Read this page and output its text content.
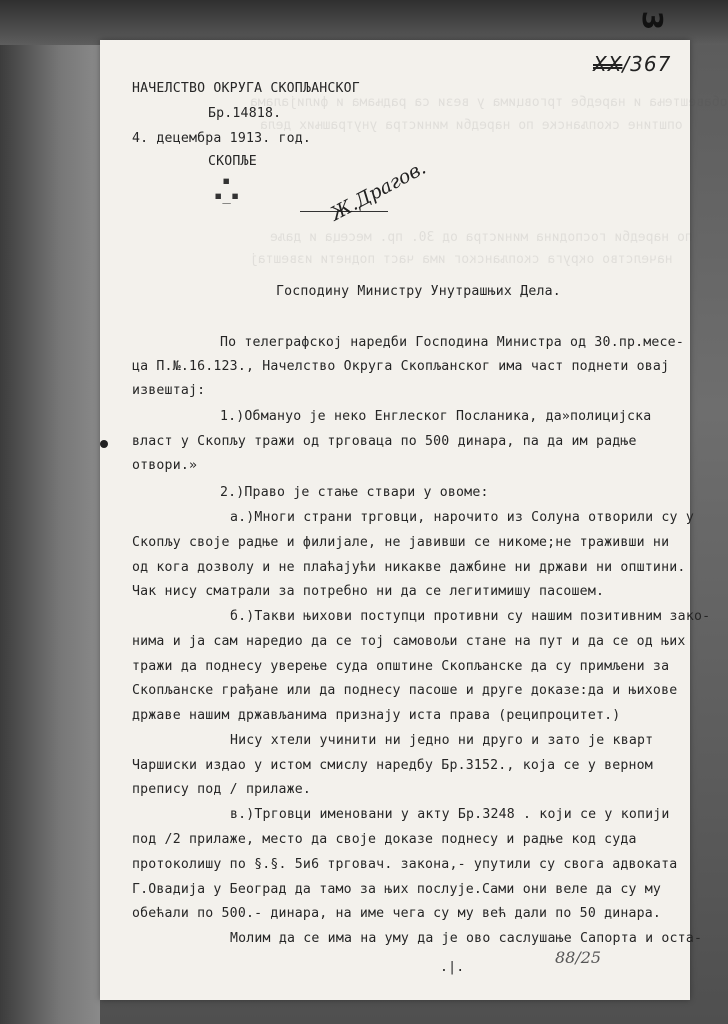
3
обавештења и наредбе трговцима у вези са радњама и филијалама
општине скопљанске по наредби министра унутрашњих дела
по наредби господина министра од 30. пр. месеца и даље
начелство округа скопљанског има част поднети извештај
XX/367
НАЧЕЛСТВО ОКРУГА СКОПЉАНСКОГ
Бр.14818.
4. децембра 1913. год.
СКОПЉЕ
▪
▪_▪	Ж.Драгов.
Господину Министру Унутрашњих Дела.
По телеграфској наредби Господина Министра од 30.пр.месе-
ца П.№.16.123., Начелство Округа Скопљанског има част поднети овај
извештај:
1.)Обмануо је неко Енглеског Посланика, да»полицијска
власт у Скопљу тражи од трговаца по 500 динара, па да им радње
отвори.»
2.)Право је стање ствари у овоме:
а.)Многи страни трговци, нарочито из Солуна отворили су у
Скопљу своје радње и филијале, не јавивши се никоме;не траживши ни
од кога дозволу и не плаћајући никакве дажбине ни држави ни општини.
Чак нису сматрали за потребно ни да се легитимишу пасошем.
б.)Такви њихови поступци противни су нашим позитивним зако-
нима и ја сам наредио да се тој самовољи стане на пут и да се од њих
тражи да поднесу уверење суда општине Скопљанске да су примљени за
Скопљанске грађане или да поднесу пасоше и друге доказе:да и њихове
државе нашим држављанима признају иста права (реципроцитет.)
Нису хтели учинити ни једно ни друго и зато је кварт
Чаршиски издао у истом смислу наредбу Бр.3152., која се у верном
препису под / прилаже.
в.)Трговци именовани у акту Бр.3248 . који се у копији
под /2 прилаже, место да своје доказе поднесу и радње код суда
протоколишу по §.§. 5и6 трговач. закона,- упутили су свога адвоката
Г.Овадија у Београд да тамо за њих послује.Сами они веле да су му
обећали по 500.- динара, на име чега су му већ дали по 50 динара.
Молим да се има на уму да је ово саслушање Сапорта и оста-
.|.
88/25
